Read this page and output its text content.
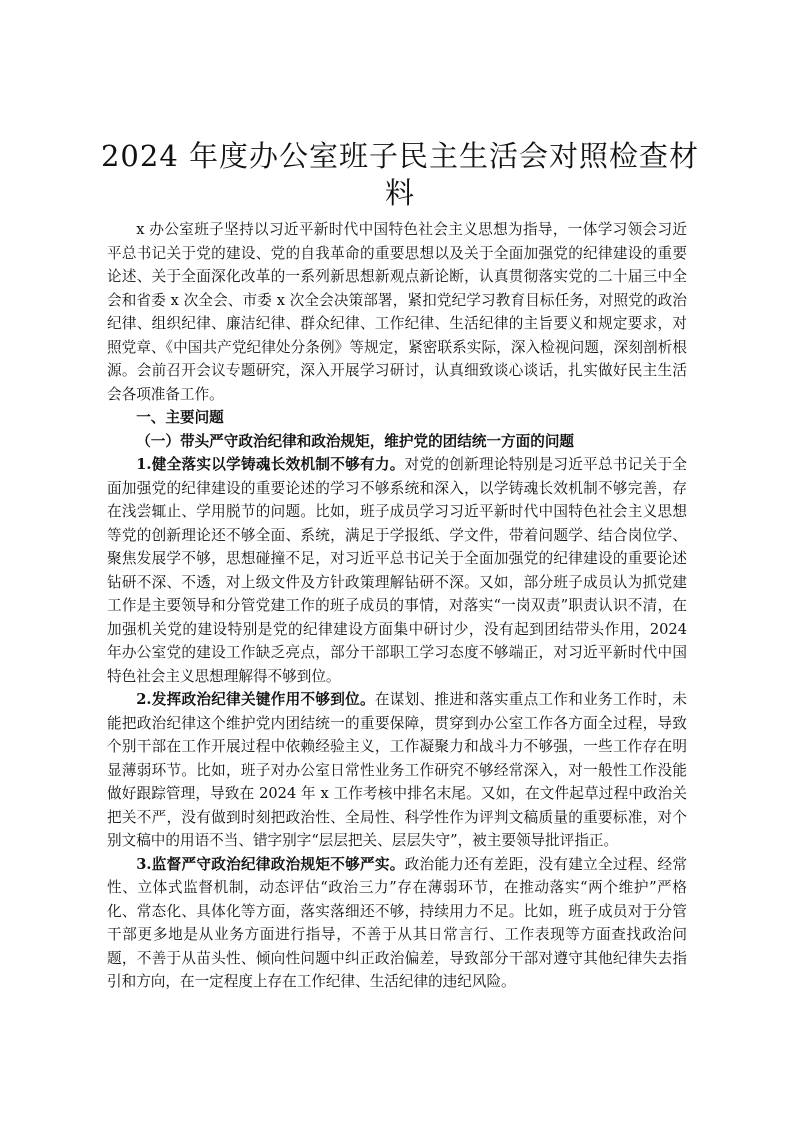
2024 年度办公室班子民主生活会对照检查材料

x 办公室班子坚持以习近平新时代中国特色社会主义思想为指导，一体学习领会习近平总书记关于党的建设、党的自我革命的重要思想以及关于全面加强党的纪律建设的重要论述、关于全面深化改革的一系列新思想新观点新论断，认真贯彻落实党的二十届三中全会和省委 x 次全会、市委 x 次全会决策部署，紧扣党纪学习教育目标任务，对照党的政治纪律、组织纪律、廉洁纪律、群众纪律、工作纪律、生活纪律的主旨要义和规定要求，对照党章、《中国共产党纪律处分条例》等规定，紧密联系实际，深入检视问题，深刻剖析根源。会前召开会议专题研究，深入开展学习研讨，认真细致谈心谈话，扎实做好民主生活会各项准备工作。

一、主要问题

（一）带头严守政治纪律和政治规矩，维护党的团结统一方面的问题

1.健全落实以学铸魂长效机制不够有力。对党的创新理论特别是习近平总书记关于全面加强党的纪律建设的重要论述的学习不够系统和深入，以学铸魂长效机制不够完善，存在浅尝辄止、学用脱节的问题。比如，班子成员学习习近平新时代中国特色社会主义思想等党的创新理论还不够全面、系统，满足于学报纸、学文件，带着问题学、结合岗位学、聚焦发展学不够，思想碰撞不足，对习近平总书记关于全面加强党的纪律建设的重要论述钻研不深、不透，对上级文件及方针政策理解钻研不深。又如，部分班子成员认为抓党建工作是主要领导和分管党建工作的班子成员的事情，对落实“一岗双责”职责认识不清，在加强机关党的建设特别是党的纪律建设方面集中研讨少，没有起到团结带头作用，2024 年办公室党的建设工作缺乏亮点，部分干部职工学习态度不够端正，对习近平新时代中国特色社会主义思想理解得不够到位。

2.发挥政治纪律关键作用不够到位。在谋划、推进和落实重点工作和业务工作时，未能把政治纪律这个维护党内团结统一的重要保障，贯穿到办公室工作各方面全过程，导致个别干部在工作开展过程中依赖经验主义，工作凝聚力和战斗力不够强，一些工作存在明显薄弱环节。比如，班子对办公室日常性业务工作研究不够经常深入，对一般性工作没能做好跟踪管理，导致在 2024 年 x 工作考核中排名末尾。又如，在文件起草过程中政治关把关不严，没有做到时刻把政治性、全局性、科学性作为评判文稿质量的重要标准，对个别文稿中的用语不当、错字别字“层层把关、层层失守”，被主要领导批评指正。

3.监督严守政治纪律政治规矩不够严实。政治能力还有差距，没有建立全过程、经常性、立体式监督机制，动态评估“政治三力”存在薄弱环节，在推动落实“两个维护”严格化、常态化、具体化等方面，落实落细还不够，持续用力不足。比如，班子成员对于分管干部更多地是从业务方面进行指导，不善于从其日常言行、工作表现等方面查找政治问题，不善于从苗头性、倾向性问题中纠正政治偏差，导致部分干部对遵守其他纪律失去指引和方向，在一定程度上存在工作纪律、生活纪律的违纪风险。
